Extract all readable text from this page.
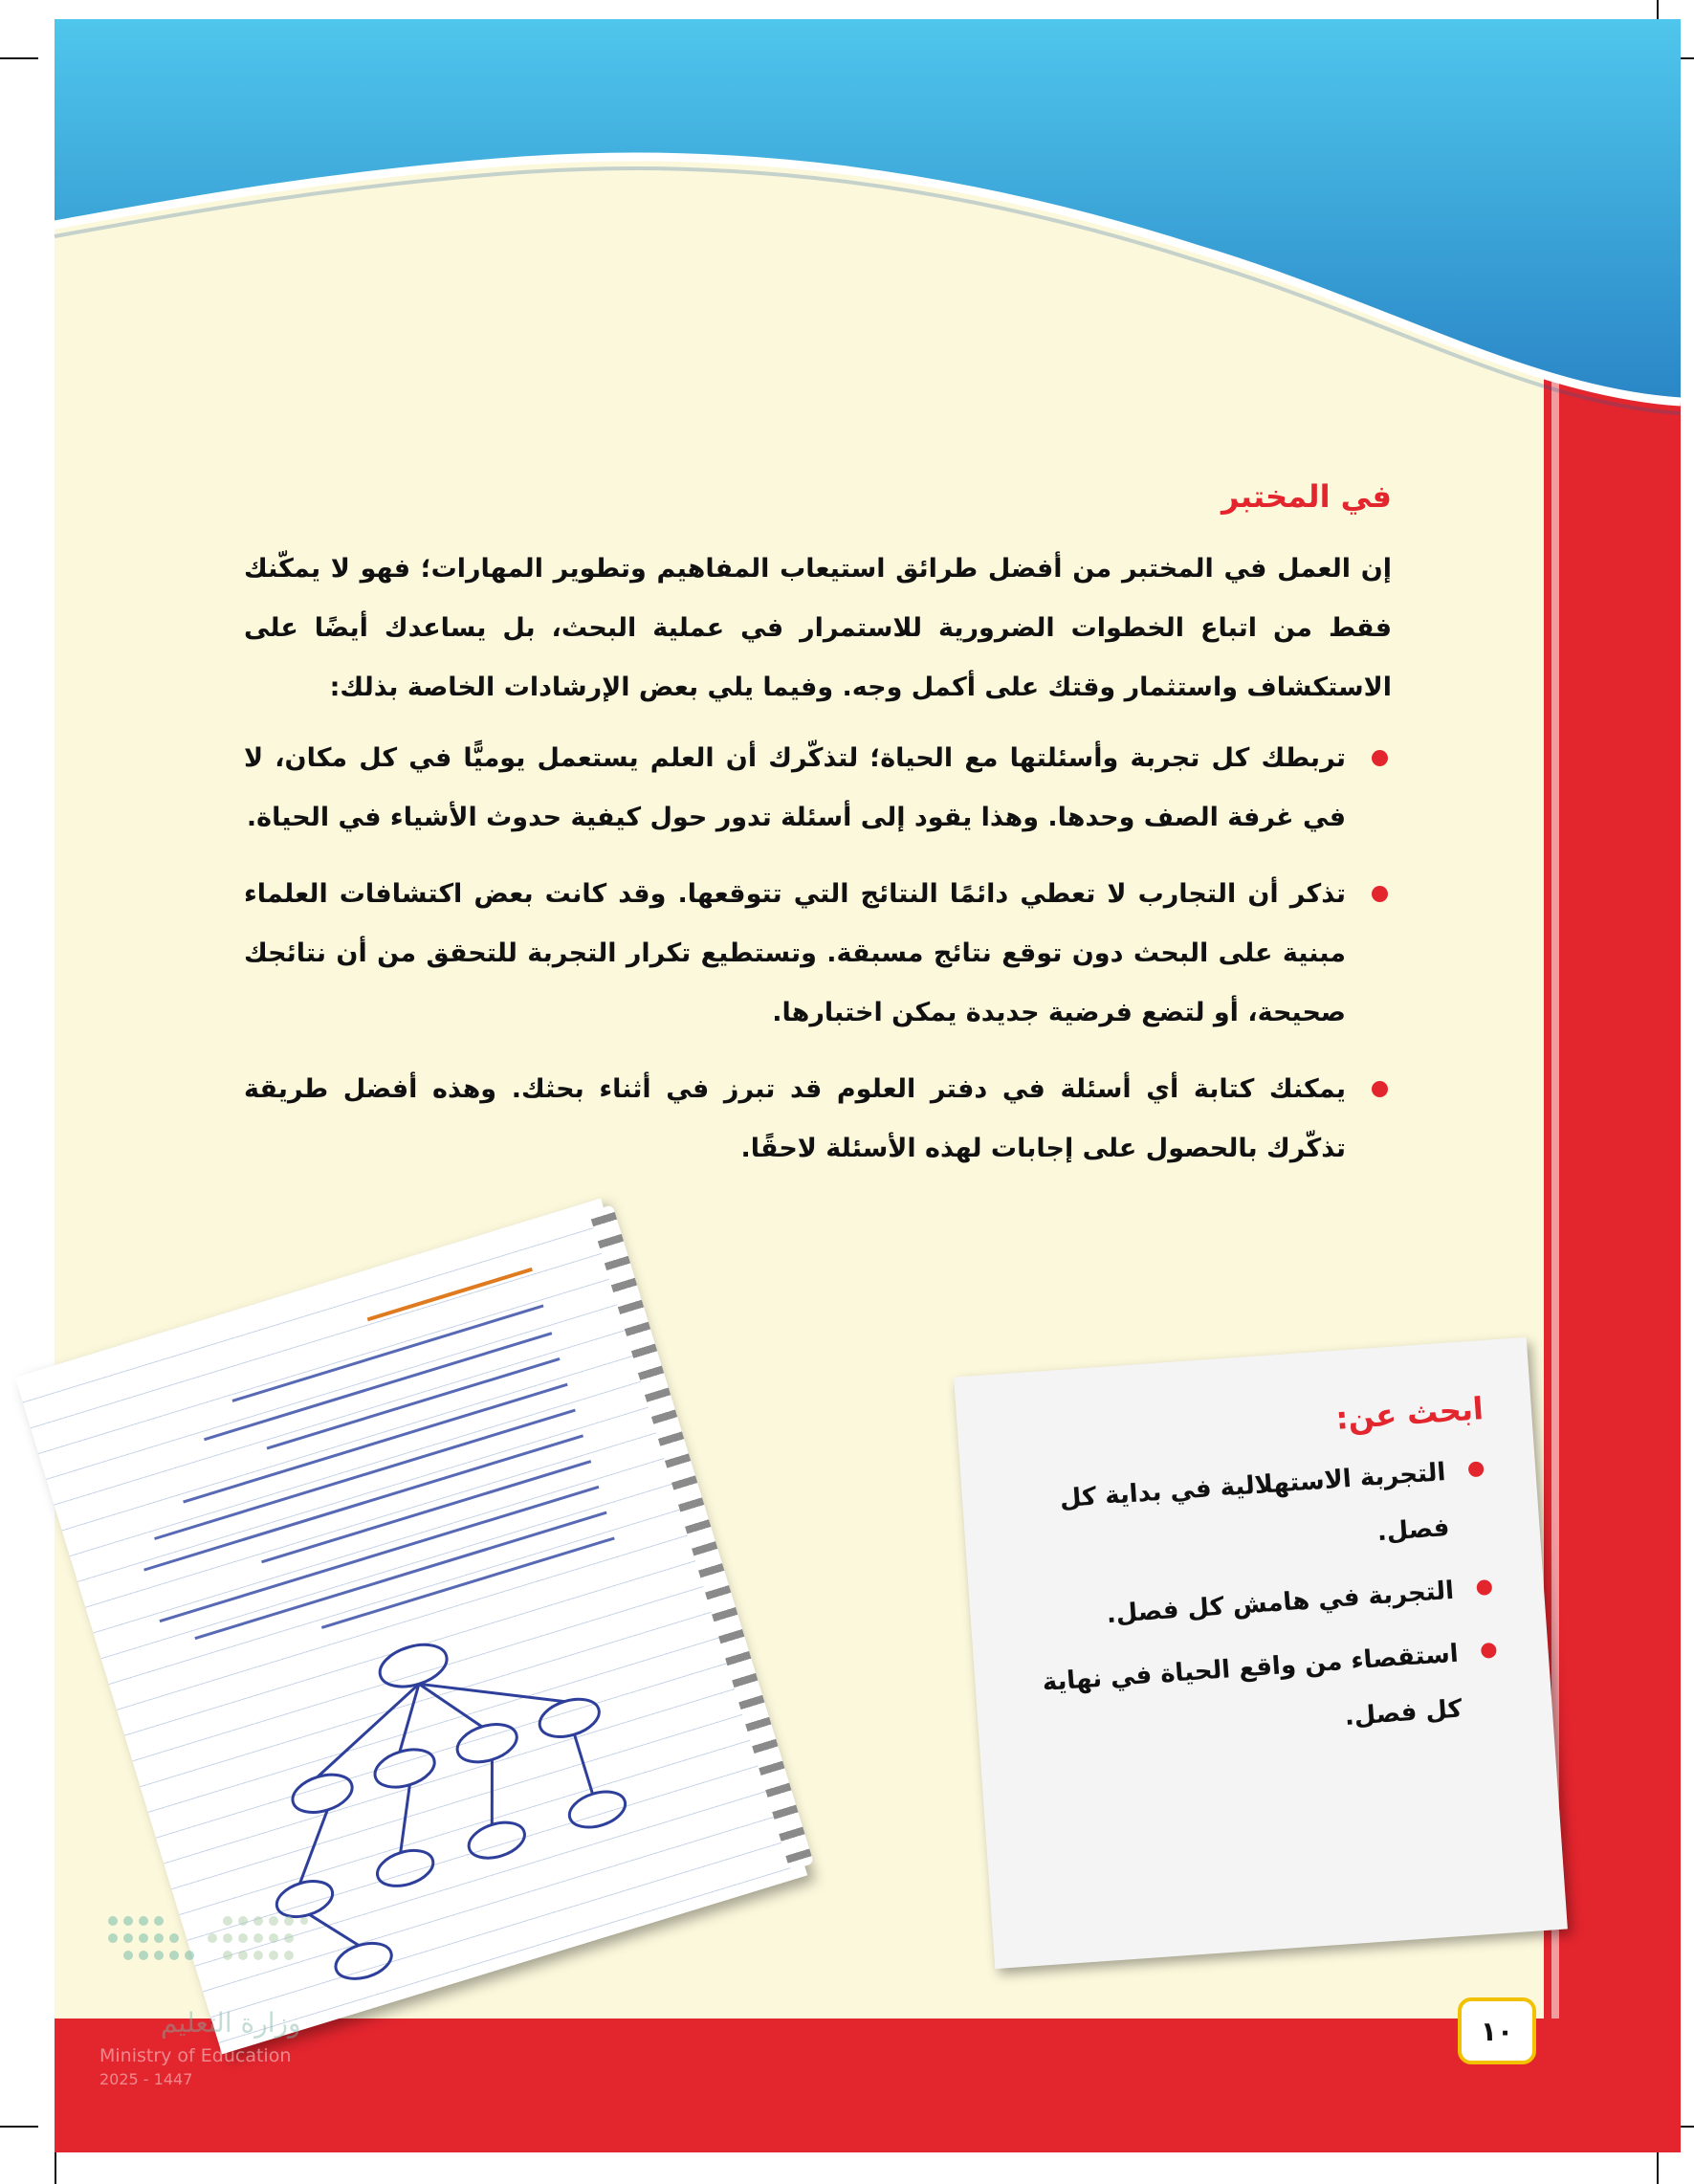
في المختبر

إن العمل في المختبر من أفضل طرائق استيعاب المفاهيم وتطوير المهارات؛ فهو لا يمكّنك فقط من اتباع الخطوات الضرورية للاستمرار في عملية البحث، بل يساعدك أيضًا على الاستكشاف واستثمار وقتك على أكمل وجه. وفيما يلي بعض الإرشادات الخاصة بذلك:

تربطك كل تجربة وأسئلتها مع الحياة؛ لتذكّرك أن العلم يستعمل يوميًّا في كل مكان، لا في غرفة الصف وحدها. وهذا يقود إلى أسئلة تدور حول كيفية حدوث الأشياء في الحياة.
تذكر أن التجارب لا تعطي دائمًا النتائج التي تتوقعها. وقد كانت بعض اكتشافات العلماء مبنية على البحث دون توقع نتائج مسبقة. وتستطيع تكرار التجربة للتحقق من أن نتائجك صحيحة، أو لتضع فرضية جديدة يمكن اختبارها.
يمكنك كتابة أي أسئلة في دفتر العلوم قد تبرز في أثناء بحثك. وهذه أفضل طريقة تذكّرك بالحصول على إجابات لهذه الأسئلة لاحقًا.
ابحث عن:
التجربة الاستهلالية في بداية كل فصل.
التجربة في هامش كل فصل.
استقصاء من واقع الحياة في نهاية كل فصل.
١٠
وزارة التعليم
Ministry of Education
2025 - 1447
